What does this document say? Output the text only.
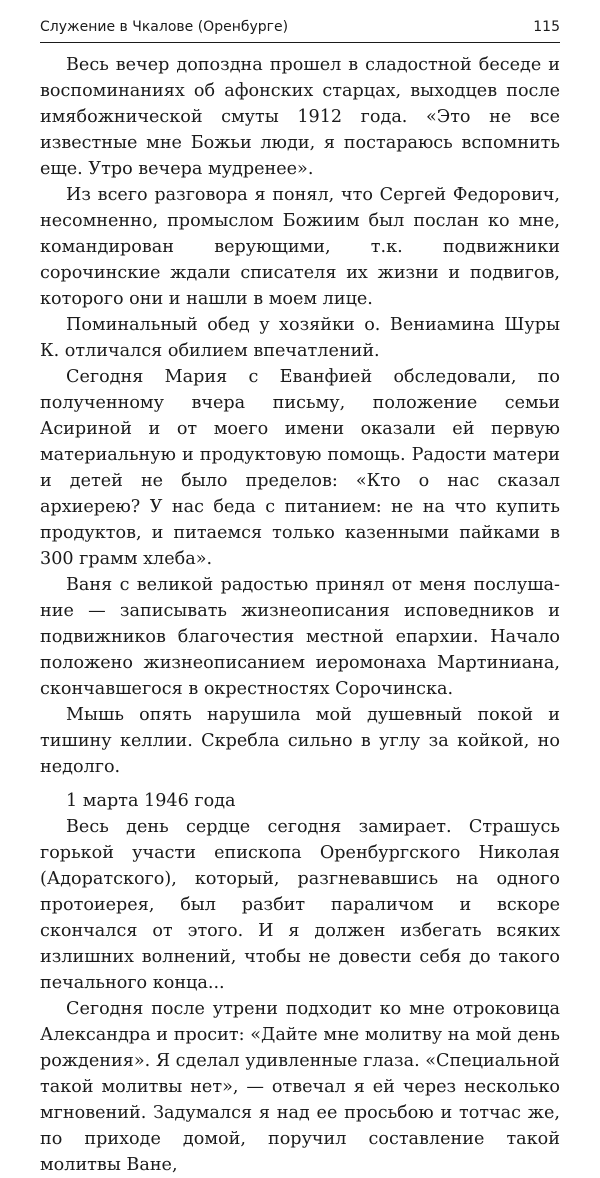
Служение в Чкалове (Оренбурге)	115

Весь вечер допоздна прошел в сладостной беседе и воспоминаниях об афонских старцах, выходцев после имябожнической смуты 1912 года. «Это не все известные мне Божьи люди, я постараюсь вспомнить еще. Утро вечера мудренее».

Из всего разговора я понял, что Сергей Федорович, несомненно, промыслом Божиим был послан ко мне, командирован верующими, т.к. подвижники сорочинские ждали списателя их жизни и подвигов, которого они и нашли в моем лице.

Поминальный обед у хозяйки о. Вениамина Шуры К. отличался обилием впечатлений.

Сегодня Мария с Еванфией обследовали, по полученному вчера письму, положение семьи Асириной и от моего имени оказали ей первую материальную и продуктовую помощь. Радости матери и детей не было пределов: «Кто о нас сказал архиерею? У нас беда с питанием: не на что купить продуктов, и питаемся только казенными пайками в 300 грамм хлеба».

Ваня с великой радостью принял от меня послушание — записывать жизнеописания исповедников и подвижников благочестия местной епархии. Начало положено жизнеописанием иеромонаха Мартиниана, скончавшегося в окрестностях Сорочинска.

Мышь опять нарушила мой душевный покой и тишину келлии. Скребла сильно в углу за койкой, но недолго.

1 марта 1946 года

Весь день сердце сегодня замирает. Страшусь горькой участи епископа Оренбургского Николая (Адоратского), который, разгневавшись на одного протоиерея, был разбит параличом и вскоре скончался от этого. И я должен избегать всяких излишних волнений, чтобы не довести себя до такого печального конца...

Сегодня после утрени подходит ко мне отроковица Александра и просит: «Дайте мне молитву на мой день рождения». Я сделал удивленные глаза. «Специальной такой молитвы нет», — отвечал я ей через несколько мгновений. Задумался я над ее просьбою и тотчас же, по приходе домой, поручил составление такой молитвы Ване,
